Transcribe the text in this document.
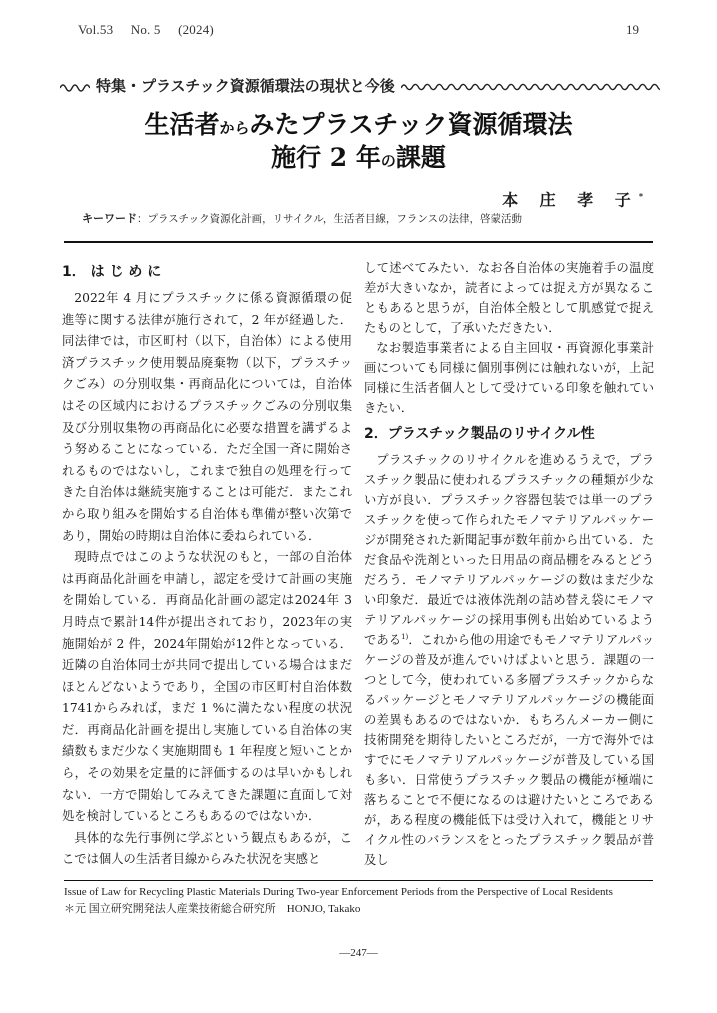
Vol.53 No. 5 (2024)	19
特集・プラスチック資源循環法の現状と今後
生活者からみたプラスチック資源循環法
施行 2 年の課題
本 庄 孝 子*
キーワード：プラスチック資源化計画，リサイクル，生活者目線，フランスの法律，啓蒙活動
1． は じ め に

2022年 4 月にプラスチックに係る資源循環の促進等に関する法律が施行されて，2 年が経過した．同法律では，市区町村（以下，自治体）による使用済プラスチック使用製品廃棄物（以下，プラスチックごみ）の分別収集・再商品化については，自治体はその区域内におけるプラスチックごみの分別収集及び分別収集物の再商品化に必要な措置を講ずるよう努めることになっている．ただ全国一斉に開始されるものではないし，これまで独自の処理を行ってきた自治体は継続実施することは可能だ．またこれから取り組みを開始する自治体も準備が整い次第であり，開始の時期は自治体に委ねられている．

現時点ではこのような状況のもと，一部の自治体は再商品化計画を申請し，認定を受けて計画の実施を開始している．再商品化計画の認定は2024年 3 月時点で累計14件が提出されており，2023年の実施開始が 2 件，2024年開始が12件となっている．近隣の自治体同士が共同で提出している場合はまだほとんどないようであり，全国の市区町村自治体数1741からみれば，まだ 1 %に満たない程度の状況だ．再商品化計画を提出し実施している自治体の実績数もまだ少なく実施期間も 1 年程度と短いことから，その効果を定量的に評価するのは早いかもしれない．一方で開始してみえてきた課題に直面して対処を検討しているところもあるのではないか．

具体的な先行事例に学ぶという観点もあるが，ここでは個人の生活者目線からみた状況を実感と

して述べてみたい．なお各自治体の実施着手の温度差が大きいなか，読者によっては捉え方が異なることもあると思うが，自治体全般として肌感覚で捉えたものとして，了承いただきたい．

なお製造事業者による自主回収・再資源化事業計画についても同様に個別事例には触れないが，上記同様に生活者個人として受けている印象を触れていきたい．

2．プラスチック製品のリサイクル性

プラスチックのリサイクルを進めるうえで，プラスチック製品に使われるプラスチックの種類が少ない方が良い．プラスチック容器包装では単一のプラスチックを使って作られたモノマテリアルパッケージが開発された新聞記事が数年前から出ている．ただ食品や洗剤といった日用品の商品棚をみるとどうだろう．モノマテリアルパッケージの数はまだ少ない印象だ．最近では液体洗剤の詰め替え袋にモノマテリアルパッケージの採用事例も出始めているようである$^{1)}$．これから他の用途でもモノマテリアルパッケージの普及が進んでいけばよいと思う．課題の一つとして今，使われている多層プラスチックからなるパッケージとモノマテリアルパッケージの機能面の差異もあるのではないか．もちろんメーカー側に技術開発を期待したいところだが，一方で海外ではすでにモノマテリアルパッケージが普及している国も多い．日常使うプラスチック製品の機能が極端に落ちることで不便になるのは避けたいところであるが，ある程度の機能低下は受け入れて，機能とリサイクル性のバランスをとったプラスチック製品が普及し

Issue of Law for Recycling Plastic Materials During Two-year Enforcement Periods from the Perspective of Local Residents
＊元 国立研究開発法人産業技術総合研究所　HONJO, Takako
—247—
